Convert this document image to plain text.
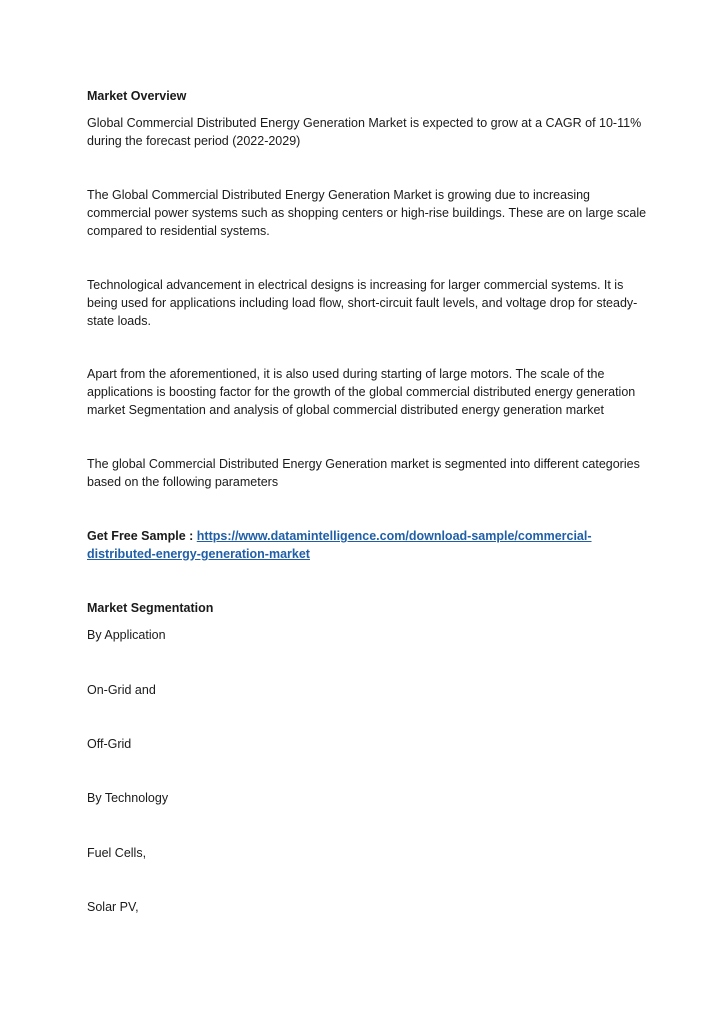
Market Overview

Global Commercial Distributed Energy Generation Market is expected to grow at a CAGR of 10-11% during the forecast period (2022-2029)

The Global Commercial Distributed Energy Generation Market is growing due to increasing commercial power systems such as shopping centers or high-rise buildings. These are on large scale compared to residential systems.

Technological advancement in electrical designs is increasing for larger commercial systems. It is being used for applications including load flow, short-circuit fault levels, and voltage drop for steady-state loads.

Apart from the aforementioned, it is also used during starting of large motors. The scale of the applications is boosting factor for the growth of the global commercial distributed energy generation market Segmentation and analysis of global commercial distributed energy generation market

The global Commercial Distributed Energy Generation market is segmented into different categories based on the following parameters

Get Free Sample : https://www.datamintelligence.com/download-sample/commercial-distributed-energy-generation-market

Market Segmentation

By Application

On-Grid and

Off-Grid

By Technology

Fuel Cells,

Solar PV,
